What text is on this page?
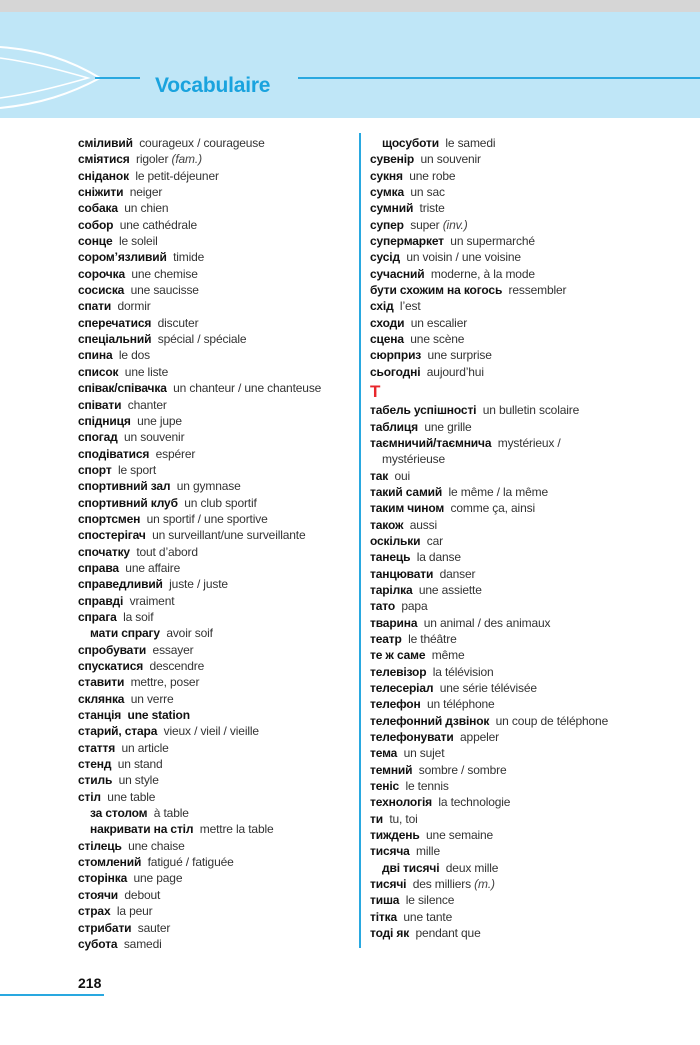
Vocabulaire
сміливий courageux / courageuse
сміятися rigoler (fam.)
сніданок le petit-déjeuner
сніжити neiger
собака un chien
собор une cathédrale
сонце le soleil
сором’язливий timide
сорочка une chemise
сосиска une saucisse
спати dormir
сперечатися discuter
спеціальний spécial / spéciale
спина le dos
список une liste
співак/співачка un chanteur / une chanteuse
співати chanter
спідниця une jupe
спогад un souvenir
сподіватися espérer
спорт le sport
спортивний зал un gymnase
спортивний клуб un club sportif
спортсмен un sportif / une sportive
спостерігач un surveillant/une surveillante
спочатку tout d’abord
справа une affaire
справедливий juste / juste
справді vraiment
спрага la soif
мати спрагу avoir soif
спробувати essayer
спускатися descendre
ставити mettre, poser
склянка un verre
станція une station
старий, стара vieux / vieil / vieille
стаття un article
стенд un stand
стиль un style
стіл une table
за столом à table
накривати на стіл mettre la table
стілець une chaise
стомлений fatigué / fatiguée
сторінка une page
стоячи debout
страх la peur
стрибати sauter
субота samedi
щосуботи le samedi
сувенір un souvenir
сукня une robe
сумка un sac
сумний triste
супер super (inv.)
супермаркет un supermarché
сусід un voisin / une voisine
сучасний moderne, à la mode
бути схожим на когось ressembler
схід l’est
сходи un escalier
сцена une scène
сюрприз une surprise
сьогодні aujourd’hui
Т
табель успішності un bulletin scolaire
таблиця une grille
таємничий/таємнича mystérieux /
mystérieuse
так oui
такий самий le même / la même
таким чином comme ça, ainsi
також aussi
оскільки car
танець la danse
танцювати danser
тарілка une assiette
тато papa
тварина un animal / des animaux
театр le théâtre
те ж саме même
телевізор la télévision
телесеріал une série télévisée
телефон un téléphone
телефонний дзвінок un coup de téléphone
телефонувати appeler
тема un sujet
темний sombre / sombre
теніс le tennis
технологія la technologie
ти tu, toi
тиждень une semaine
тисяча mille
дві тисячі deux mille
тисячі des milliers (m.)
тиша le silence
тітка une tante
тоді як pendant que
218
